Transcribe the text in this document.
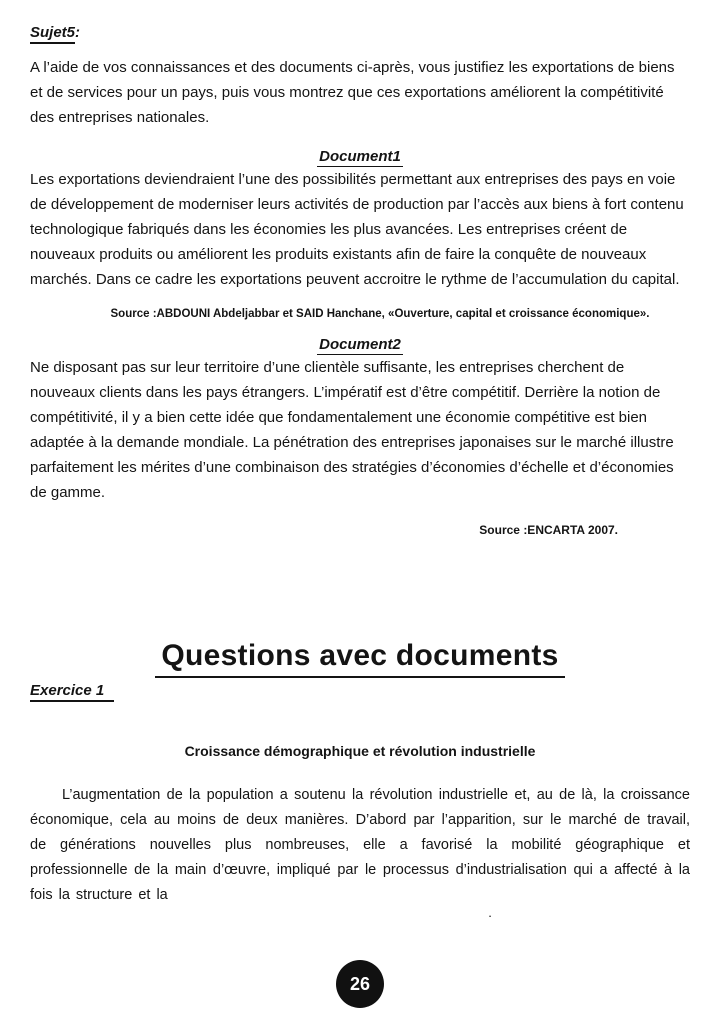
Sujet5:

A l’aide de vos connaissances et des documents ci-après, vous justifiez les exportations de biens et de services pour un pays, puis vous montrez que ces exportations améliorent la compétitivité des entreprises nationales.

Document1

Les exportations deviendraient l’une des possibilités permettant aux entreprises des pays en voie de développement de moderniser leurs activités de production par l’accès aux biens à fort contenu technologique fabriqués dans les économies les plus avancées. Les entreprises créent de nouveaux produits ou améliorent les produits existants afin de faire la conquête de nouveaux marchés. Dans ce cadre les exportations peuvent accroitre le rythme de l’accumulation du capital.

Source :ABDOUNI Abdeljabbar et SAID Hanchane, «Ouverture, capital et croissance économique».
Document2

Ne disposant pas sur leur territoire d’une clientèle suffisante, les entreprises cherchent de nouveaux clients dans les pays étrangers. L’impératif est d’être compétitif. Derrière la notion de compétitivité, il y a bien cette idée que fondamentalement une économie compétitive est bien adaptée à la demande mondiale. La pénétration des entreprises japonaises sur le marché illustre parfaitement les mérites d’une combinaison des stratégies d’économies d’échelle et d’économies de gamme.

Source :ENCARTA 2007.
Questions avec documents
Exercice 1
Croissance démographique et révolution industrielle

L’augmentation de la population a soutenu la révolution industrielle et, au de là, la croissance économique, cela au moins de deux manières. D’abord par l’apparition, sur le marché de travail, de générations nouvelles plus nombreuses, elle a favorisé la mobilité géographique et professionnelle de la main d’œuvre, impliqué par le processus d’industrialisation qui a affecté à la fois la structure et la

.
26
